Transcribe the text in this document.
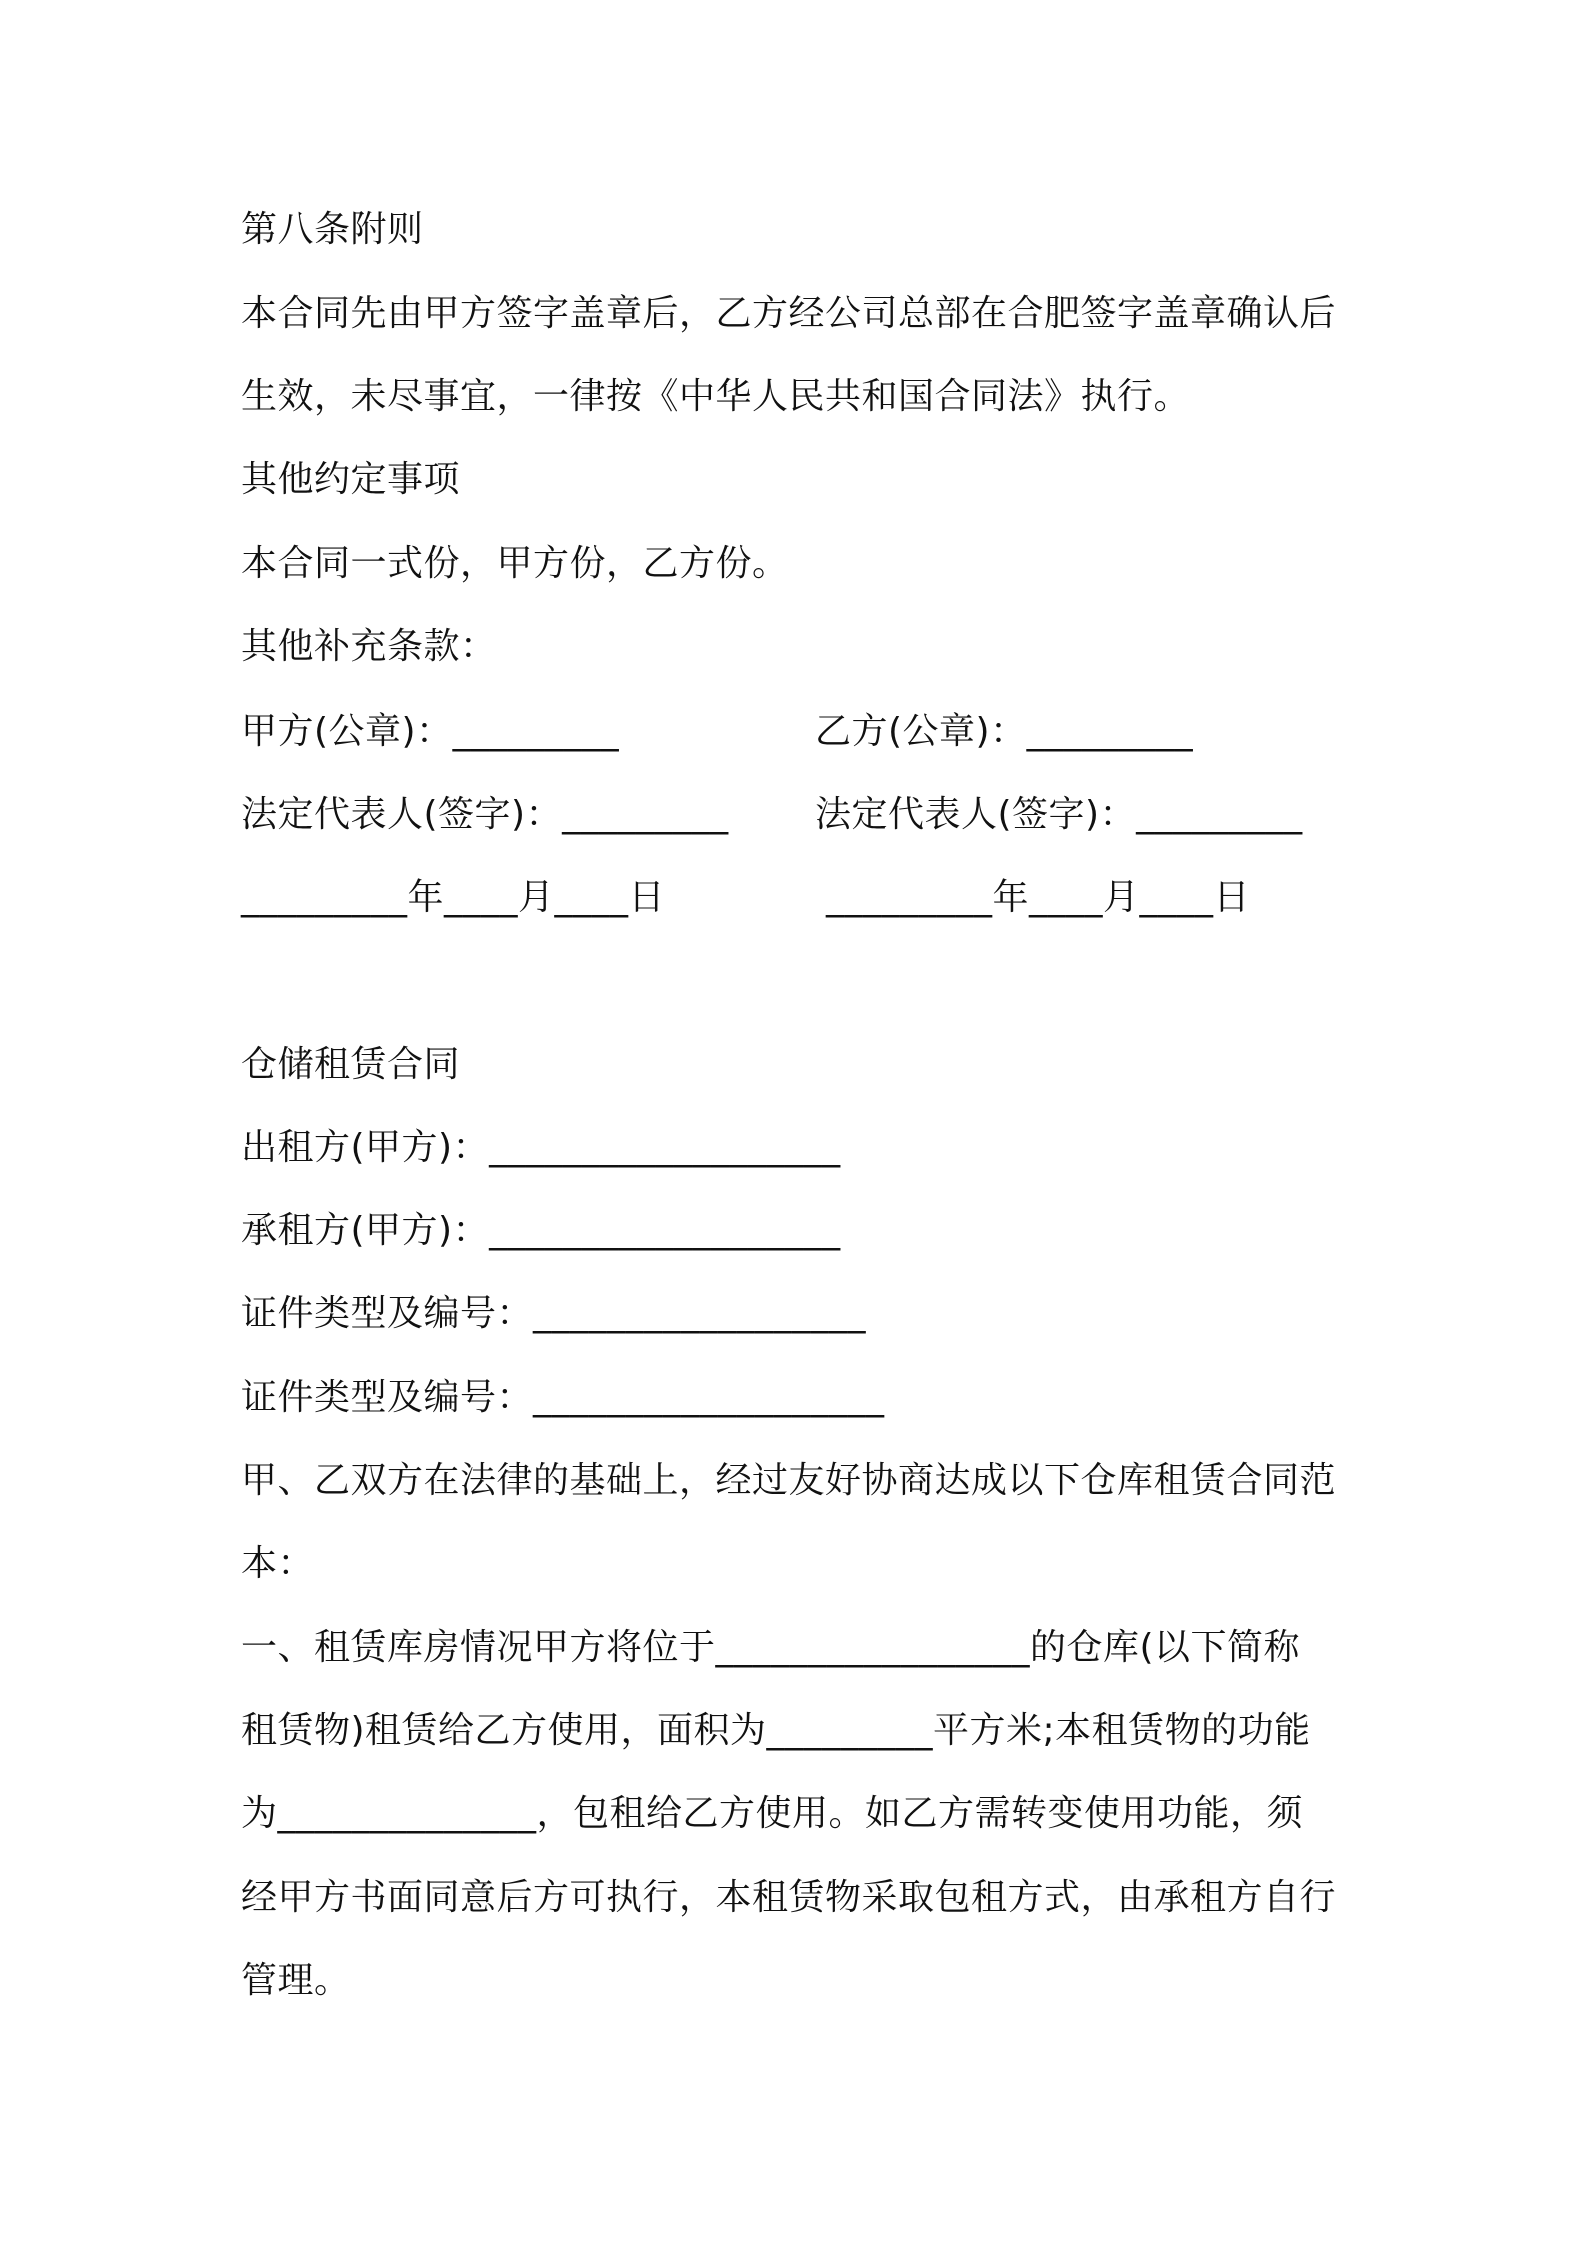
第八条附则
本合同先由甲方签字盖章后，乙方经公司总部在合肥签字盖章确认后
生效，未尽事宜，一律按《中华人民共和国合同法》执行。
其他约定事项
本合同一式份，甲方份，乙方份。
其他补充条款：
甲方(公章)：_________	乙方(公章)：_________
法定代表人(签字)：_________ 法定代表人(签字)：_________
_________年____月____日	_________年____月____日
仓储租赁合同
出租方(甲方)：___________________
承租方(甲方)：___________________
证件类型及编号：__________________
证件类型及编号：___________________
甲、乙双方在法律的基础上，经过友好协商达成以下仓库租赁合同范
本：
一、租赁库房情况甲方将位于_________________的仓库(以下简称
租赁物)租赁给乙方使用，面积为_________平方米;本租赁物的功能
为______________，包租给乙方使用。如乙方需转变使用功能，须
经甲方书面同意后方可执行，本租赁物采取包租方式，由承租方自行
管理。
